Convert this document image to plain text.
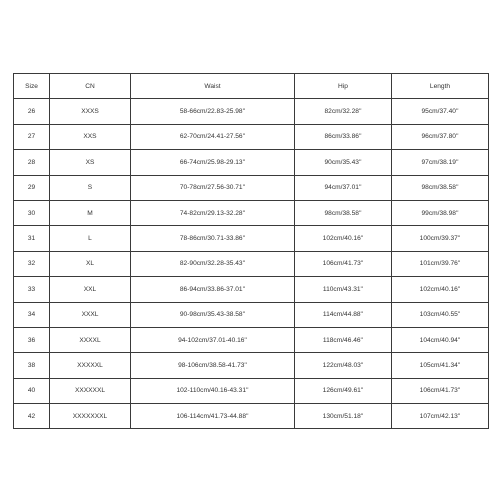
Size	CN	Waist	Hip	Length
26	XXXS	58-66cm/22.83-25.98''	82cm/32.28''	95cm/37.40''
27	XXS	62-70cm/24.41-27.56''	86cm/33.86''	96cm/37.80''
28	XS	66-74cm/25.98-29.13''	90cm/35.43''	97cm/38.19''
29	S	70-78cm/27.56-30.71''	94cm/37.01''	98cm/38.58''
30	M	74-82cm/29.13-32.28''	98cm/38.58''	99cm/38.98''
31	L	78-86cm/30.71-33.86''	102cm/40.16''	100cm/39.37''
32	XL	82-90cm/32.28-35.43''	106cm/41.73''	101cm/39.76''
33	XXL	86-94cm/33.86-37.01''	110cm/43.31''	102cm/40.16''
34	XXXL	90-98cm/35.43-38.58''	114cm/44.88''	103cm/40.55''
36	XXXXL	94-102cm/37.01-40.16''	118cm/46.46''	104cm/40.94''
38	XXXXXL	98-106cm/38.58-41.73''	122cm/48.03''	105cm/41.34''
40	XXXXXXL	102-110cm/40.16-43.31''	126cm/49.61''	106cm/41.73''
42	XXXXXXXL	106-114cm/41.73-44.88''	130cm/51.18''	107cm/42.13''
